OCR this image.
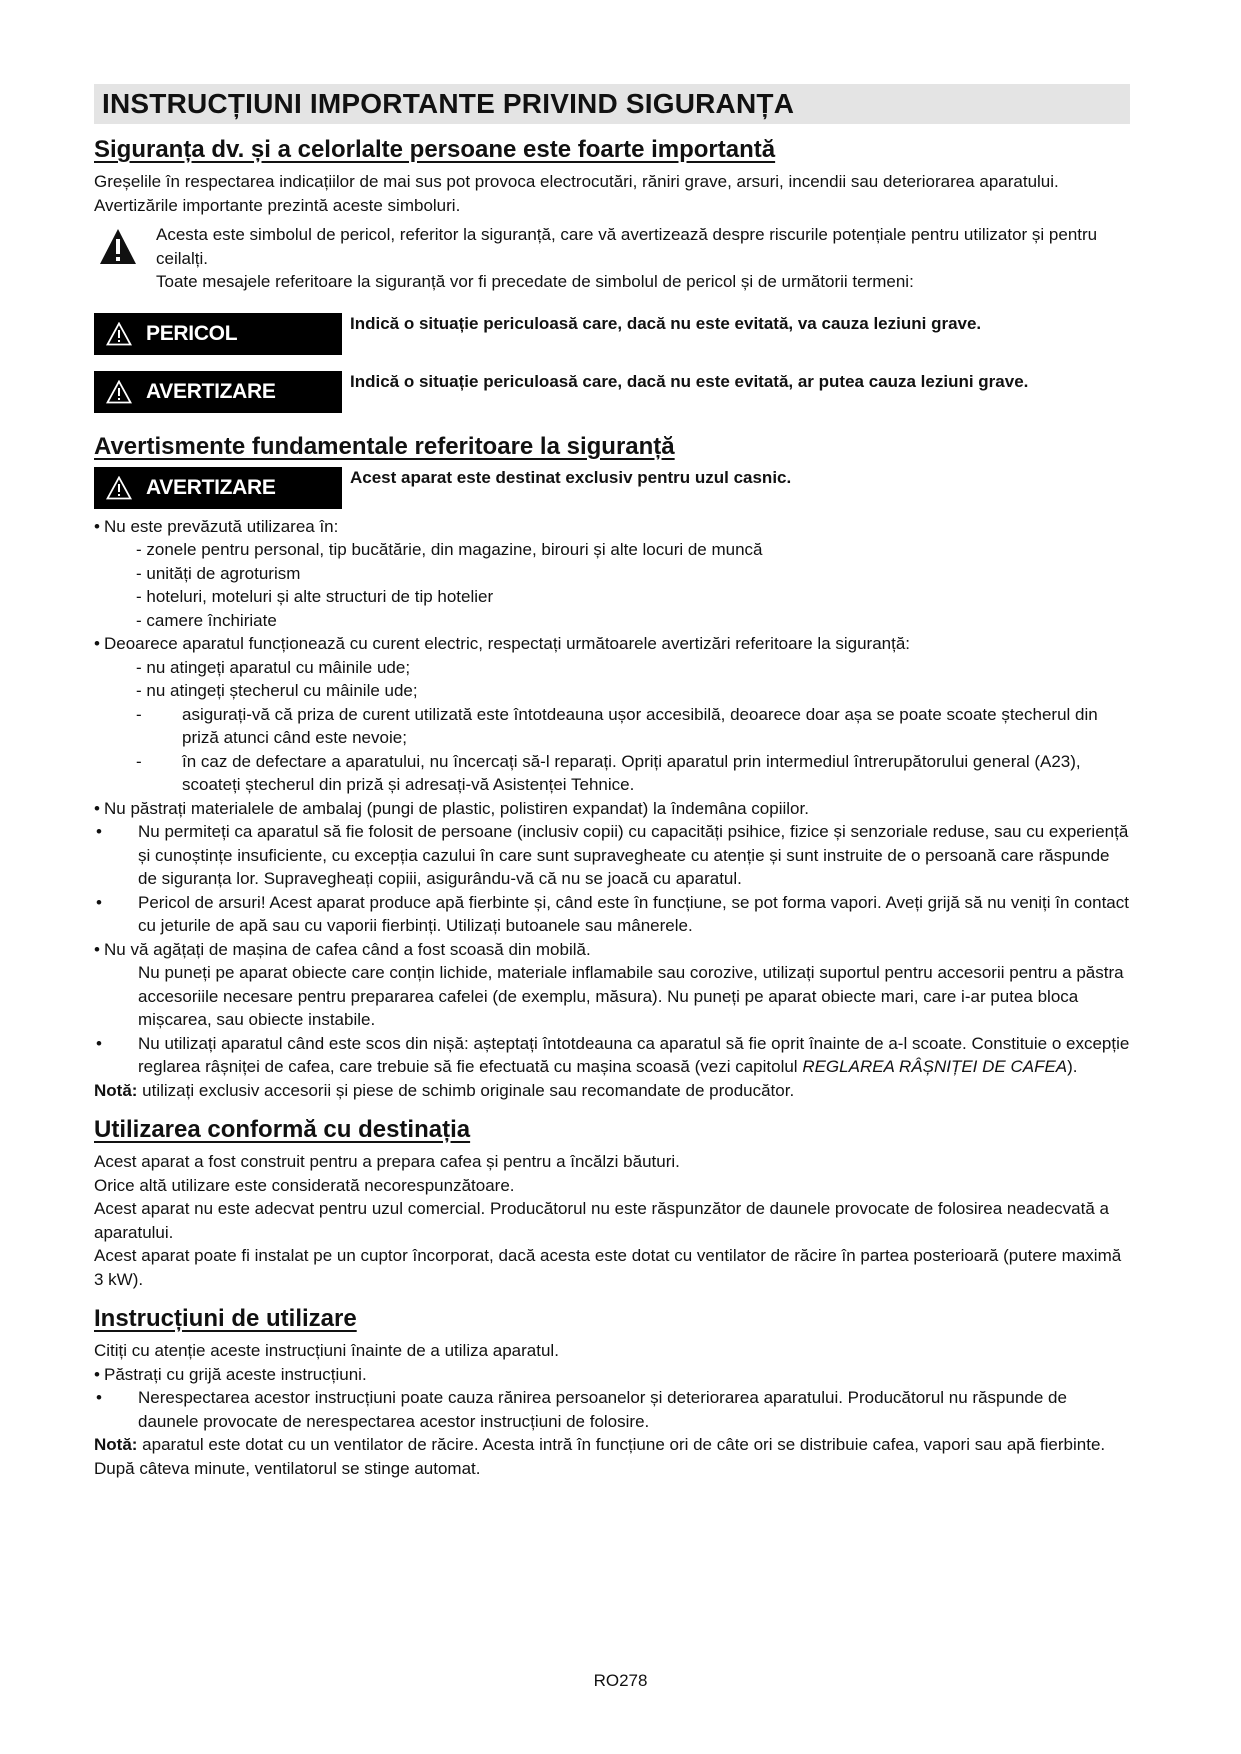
INSTRUCȚIUNI IMPORTANTE PRIVIND SIGURANȚA
Siguranța dv. și a celorlalte persoane este foarte importantă

Greșelile în respectarea indicațiilor de mai sus pot provoca electrocutări, răniri grave, arsuri, incendii sau deteriorarea aparatului.

Avertizările importante prezintă aceste simboluri.

Acesta este simbolul de pericol, referitor la siguranță, care vă avertizează despre riscurile potențiale pentru utilizator și pentru ceilalți.

Toate mesajele referitoare la siguranță vor fi precedate de simbolul de pericol și de următorii termeni:

PERICOL	Indică o situație periculoasă care, dacă nu este evitată, va cauza leziuni grave.

AVERTIZARE	Indică o situație periculoasă care, dacă nu este evitată, ar putea cauza leziuni grave.

Avertismente fundamentale referitoare la siguranță
AVERTIZARE	Acest aparat este destinat exclusiv pentru uzul casnic.

• Nu este prevăzută utilizarea în:
- zonele pentru personal, tip bucătărie, din magazine, birouri și alte locuri de muncă
- unități de agroturism
- hoteluri, moteluri și alte structuri de tip hotelier
- camere închiriate
• Deoarece aparatul funcționează cu curent electric, respectați următoarele avertizări referitoare la siguranță:
- nu atingeți aparatul cu mâinile ude;
- nu atingeți ștecherul cu mâinile ude;
- asigurați-vă că priza de curent utilizată este întotdeauna ușor accesibilă, deoarece doar așa se poate scoate ștecherul din priză atunci când este nevoie;
- în caz de defectare a aparatului, nu încercați să-l reparați. Opriți aparatul prin intermediul întrerupătorului general (A23), scoateți ștecherul din priză și adresați-vă Asistenței Tehnice.
• Nu păstrați materialele de ambalaj (pungi de plastic, polistiren expandat) la îndemâna copiilor.
• Nu permiteți ca aparatul să fie folosit de persoane (inclusiv copii) cu capacități psihice, fizice și senzoriale reduse, sau cu experiență și cunoștințe insuficiente, cu excepția cazului în care sunt supravegheate cu atenție și sunt instruite de o persoană care răspunde de siguranța lor. Supravegheați copiii, asigurându-vă că nu se joacă cu aparatul.
• Pericol de arsuri! Acest aparat produce apă fierbinte și, când este în funcțiune, se pot forma vapori. Aveți grijă să nu veniți în contact cu jeturile de apă sau cu vaporii fierbinți. Utilizați butoanele sau mânerele.
• Nu vă agățați de mașina de cafea când a fost scoasă din mobilă.
Nu puneți pe aparat obiecte care conțin lichide, materiale inflamabile sau corozive, utilizați suportul pentru accesorii pentru a păstra accesoriile necesare pentru prepararea cafelei (de exemplu, măsura). Nu puneți pe aparat obiecte mari, care i-ar putea bloca mișcarea, sau obiecte instabile.
• Nu utilizați aparatul când este scos din nișă: așteptați întotdeauna ca aparatul să fie oprit înainte de a-l scoate. Constituie o excepție reglarea râșniței de cafea, care trebuie să fie efectuată cu mașina scoasă (vezi capitolul REGLAREA RÂȘNIȚEI DE CAFEA).

Notă: utilizați exclusiv accesorii și piese de schimb originale sau recomandate de producător.

Utilizarea conformă cu destinația

Acest aparat a fost construit pentru a prepara cafea și pentru a încălzi băuturi.

Orice altă utilizare este considerată necorespunzătoare.

Acest aparat nu este adecvat pentru uzul comercial. Producătorul nu este răspunzător de daunele provocate de folosirea neadecvată a aparatului.

Acest aparat poate fi instalat pe un cuptor încorporat, dacă acesta este dotat cu ventilator de răcire în partea posterioară (putere maximă 3 kW).

Instrucțiuni de utilizare

Citiți cu atenție aceste instrucțiuni înainte de a utiliza aparatul.

• Păstrați cu grijă aceste instrucțiuni.
• Nerespectarea acestor instrucțiuni poate cauza rănirea persoanelor și deteriorarea aparatului. Producătorul nu răspunde de daunele provocate de nerespectarea acestor instrucțiuni de folosire.

Notă: aparatul este dotat cu un ventilator de răcire. Acesta intră în funcțiune ori de câte ori se distribuie cafea, vapori sau apă fierbinte. După câteva minute, ventilatorul se stinge automat.

RO278
